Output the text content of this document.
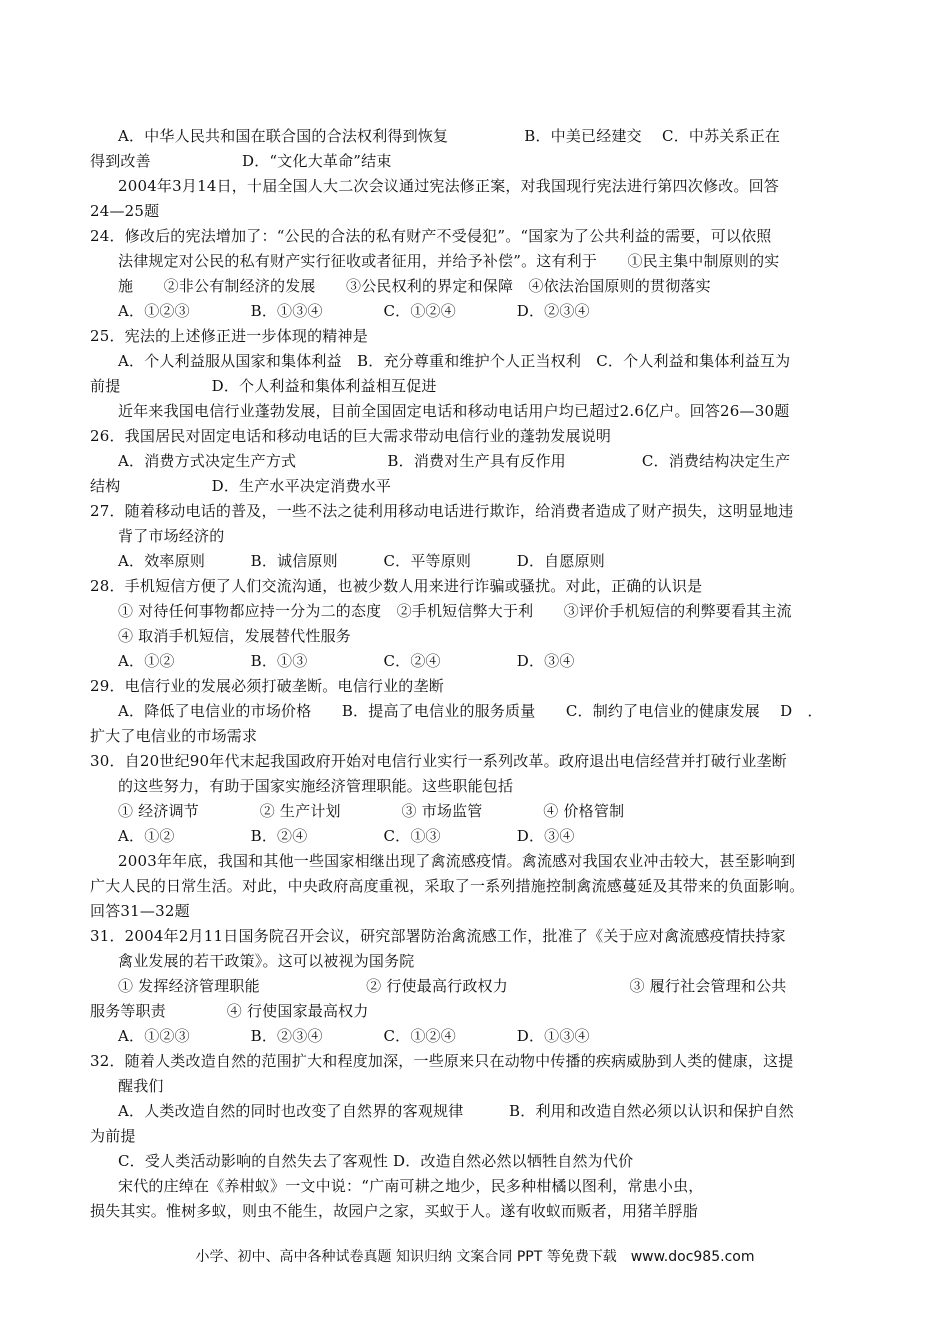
A．中华人民共和国在联合国的合法权利得到恢复　　　　　B．中美已经建交　 C．中苏关系正在
得到改善　　　　　　D．“文化大革命”结束
2004年3月14日，十届全国人大二次会议通过宪法修正案，对我国现行宪法进行第四次修改。回答
24—25题
24．修改后的宪法增加了：“公民的合法的私有财产不受侵犯”。“国家为了公共利益的需要，可以依照
法律规定对公民的私有财产实行征收或者征用，并给予补偿”。这有利于　　①民主集中制原则的实
施　　②非公有制经济的发展　　③公民权利的界定和保障　④依法治国原则的贯彻落实
A．①②③　　　　B．①③④　　　　C．①②④　　　　D．②③④
25．宪法的上述修正进一步体现的精神是
A．个人利益服从国家和集体利益　B．充分尊重和维护个人正当权利　C．个人利益和集体利益互为
前提　　　　　　D．个人利益和集体利益相互促进
近年来我国电信行业蓬勃发展，目前全国固定电话和移动电话用户均已超过2.6亿户。回答26—30题
26．我国居民对固定电话和移动电话的巨大需求带动电信行业的蓬勃发展说明
A．消费方式决定生产方式　　　　　　B．消费对生产具有反作用　　　　　C．消费结构决定生产
结构　　　　　　D．生产水平决定消费水平
27．随着移动电话的普及，一些不法之徒利用移动电话进行欺诈，给消费者造成了财产损失，这明显地违
背了市场经济的
A．效率原则　　　B．诚信原则　　　C．平等原则　　　D．自愿原则
28．手机短信方便了人们交流沟通，也被少数人用来进行诈骗或骚扰。对此，正确的认识是
① 对待任何事物都应持一分为二的态度　②手机短信弊大于利　　③评价手机短信的利弊要看其主流
④ 取消手机短信，发展替代性服务
A．①②　　　　　B．①③　　　　　C．②④　　　　　D．③④
29．电信行业的发展必须打破垄断。电信行业的垄断
A．降低了电信业的市场价格　　B．提高了电信业的服务质量　　C．制约了电信业的健康发展　 D　．
扩大了电信业的市场需求
30．自20世纪90年代末起我国政府开始对电信行业实行一系列改革。政府退出电信经营并打破行业垄断
的这些努力，有助于国家实施经济管理职能。这些职能包括
① 经济调节　　　　② 生产计划　　　　③ 市场监管　　　　④ 价格管制
A．①②　　　　　B．②④　　　　　C．①③　　　　　D．③④
2003年年底，我国和其他一些国家相继出现了禽流感疫情。禽流感对我国农业冲击较大，甚至影响到
广大人民的日常生活。对此，中央政府高度重视，采取了一系列措施控制禽流感蔓延及其带来的负面影响。
回答31—32题
31．2004年2月11日国务院召开会议，研究部署防治禽流感工作，批准了《关于应对禽流感疫情扶持家
禽业发展的若干政策》。这可以被视为国务院
① 发挥经济管理职能　　　　　　　② 行使最高行政权力　　　　　　　　③ 履行社会管理和公共
服务等职责　　　　④ 行使国家最高权力
A．①②③　　　　B．②③④　　　　C．①②④　　　　D．①③④
32．随着人类改造自然的范围扩大和程度加深，一些原来只在动物中传播的疾病威胁到人类的健康，这提
醒我们
A．人类改造自然的同时也改变了自然界的客观规律　　　B．利用和改造自然必须以认识和保护自然
为前提
C．受人类活动影响的自然失去了客观性 D．改造自然必然以牺牲自然为代价
宋代的庄绰在《养柑蚁》一文中说：“广南可耕之地少，民多种柑橘以图利，常患小虫，
损失其实。惟树多蚁，则虫不能生，故园户之家，买蚁于人。遂有收蚁而贩者，用猪羊脬脂
小学、初中、高中各种试卷真题 知识归纳 文案合同 PPT 等免费下载　www.doc985.com
